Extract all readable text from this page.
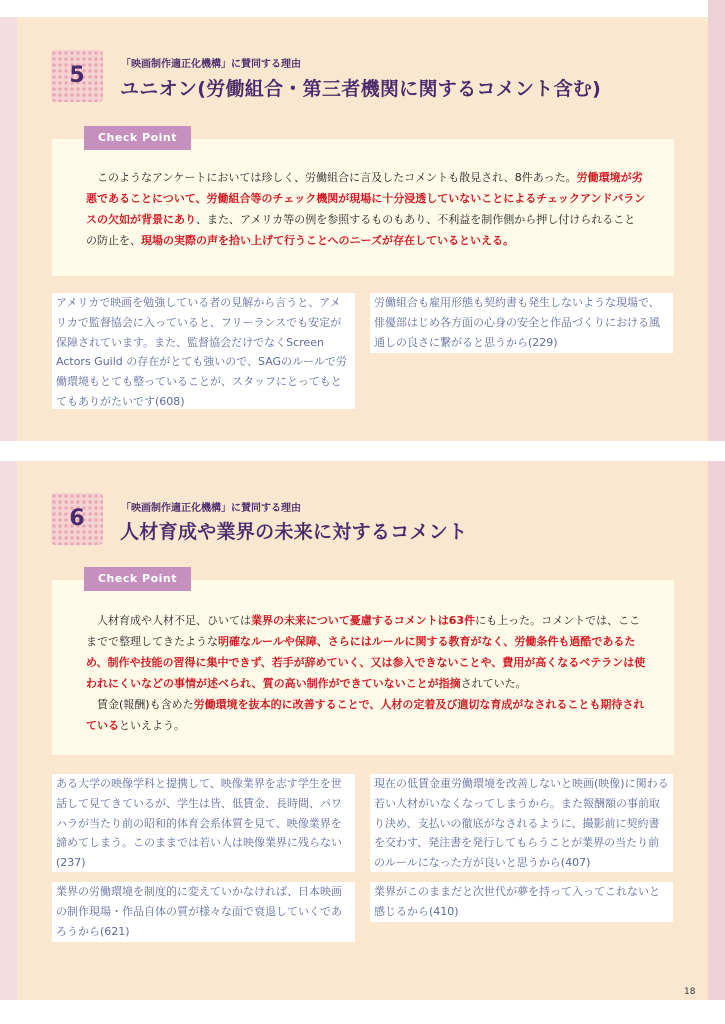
5	「映画制作適正化機構」に賛同する理由
ユニオン(労働組合・第三者機関に関するコメント含む)

　このようなアンケートにおいては珍しく、労働組合に言及したコメントも散見され、8件あった。労働環境が劣悪であることについて、労働組合等のチェック機関が現場に十分浸透していないことによるチェックアンドバランスの欠如が背景にあり、また、アメリカ等の例を参照するものもあり、不利益を制作側から押し付けられることの防止を、現場の実際の声を拾い上げて行うことへのニーズが存在しているといえる。

Check Point
アメリカで映画を勉強している者の見解から言うと、アメリカで監督協会に入っていると、フリーランスでも安定が保障されています。また、監督協会だけでなくScreen Actors Guild の存在がとても強いので、SAGのルールで労働環境もとても整っていることが、スタッフにとってもとてもありがたいです(608)
労働組合も雇用形態も契約書も発生しないような現場で、俳優部はじめ各方面の心身の安全と作品づくりにおける風通しの良さに繋がると思うから(229)
6	「映画制作適正化機構」に賛同する理由
人材育成や業界の未来に対するコメント

　人材育成や人材不足、ひいては業界の未来について憂慮するコメントは63件にも上った。コメントでは、ここまでで整理してきたような明確なルールや保障、さらにはルールに関する教育がなく、労働条件も過酷であるため、制作や技能の習得に集中できず、若手が辞めていく、又は参入できないことや、費用が高くなるベテランは使われにくいなどの事情が述べられ、質の高い制作ができていないことが指摘されていた。

　賃金(報酬)も含めた労働環境を抜本的に改善することで、人材の定着及び適切な育成がなされることも期待されているといえよう。

Check Point
ある大学の映像学科と提携して、映像業界を志す学生を世話して見てきているが、学生は皆、低賃金、長時間、パワハラが当たり前の昭和的体育会系体質を見て、映像業界を諦めてしまう。このままでは若い人は映像業界に残らない(237)
現在の低賃金重労働環境を改善しないと映画(映像)に関わる若い人材がいなくなってしまうから。また報酬額の事前取り決め、支払いの徹底がなされるように、撮影前に契約書を交わす、発注書を発行してもらうことが業界の当たり前のルールになった方が良いと思うから(407)
業界の労働環境を制度的に変えていかなければ、日本映画の制作現場・作品自体の質が様々な面で衰退していくであろうから(621)
業界がこのままだと次世代が夢を持って入ってこれないと感じるから(410)
18
